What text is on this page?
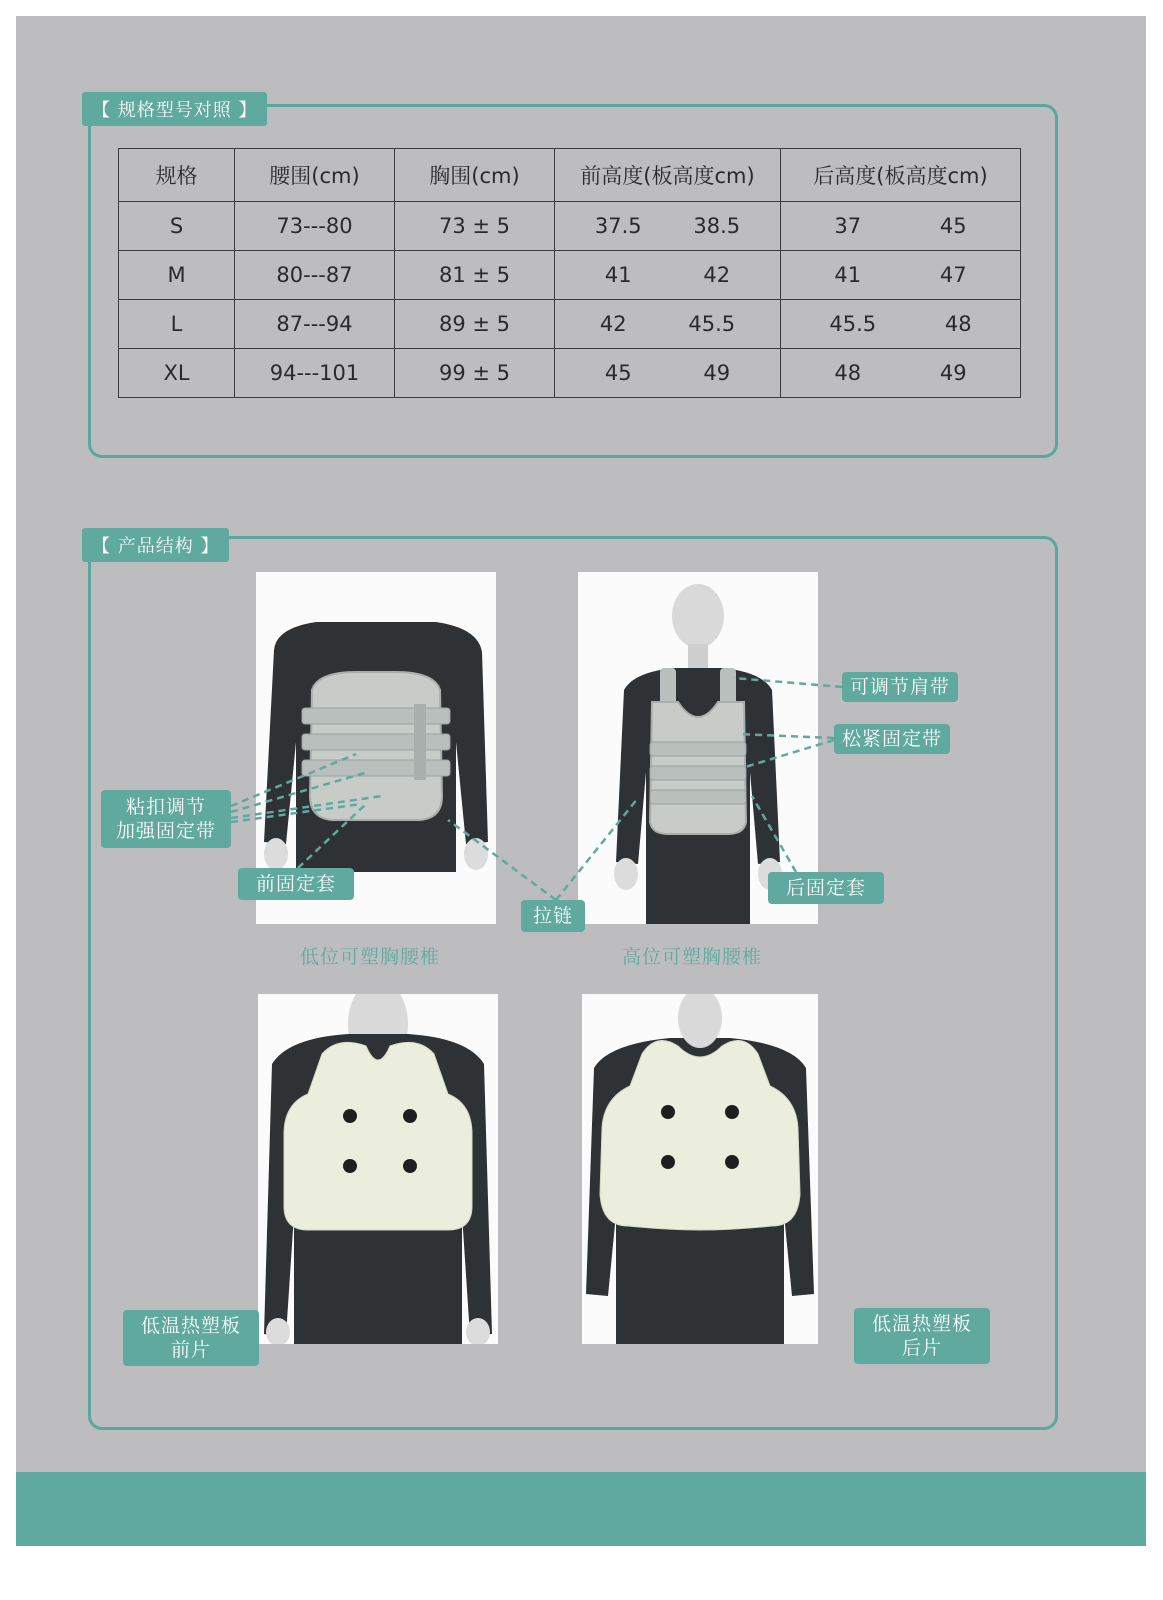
【 规格型号对照 】
规格	腰围(cm)	胸围(cm)	前高度(板高度cm)	后高度(板高度cm)
S	73---80	73 ± 5	37.5 38.5	37 45

M	80---87	81 ± 5	41 42	41 47

L	87---94	89 ± 5	42 45.5	45.5 48

XL	94---101	99 ± 5	45 49	48 49
【 产品结构 】
低位可塑胸腰椎	高位可塑胸腰椎
粘扣调节
加强固定带
前固定套
拉链
后固定套
可调节肩带
松紧固定带
低温热塑板
前片
低温热塑板
后片
